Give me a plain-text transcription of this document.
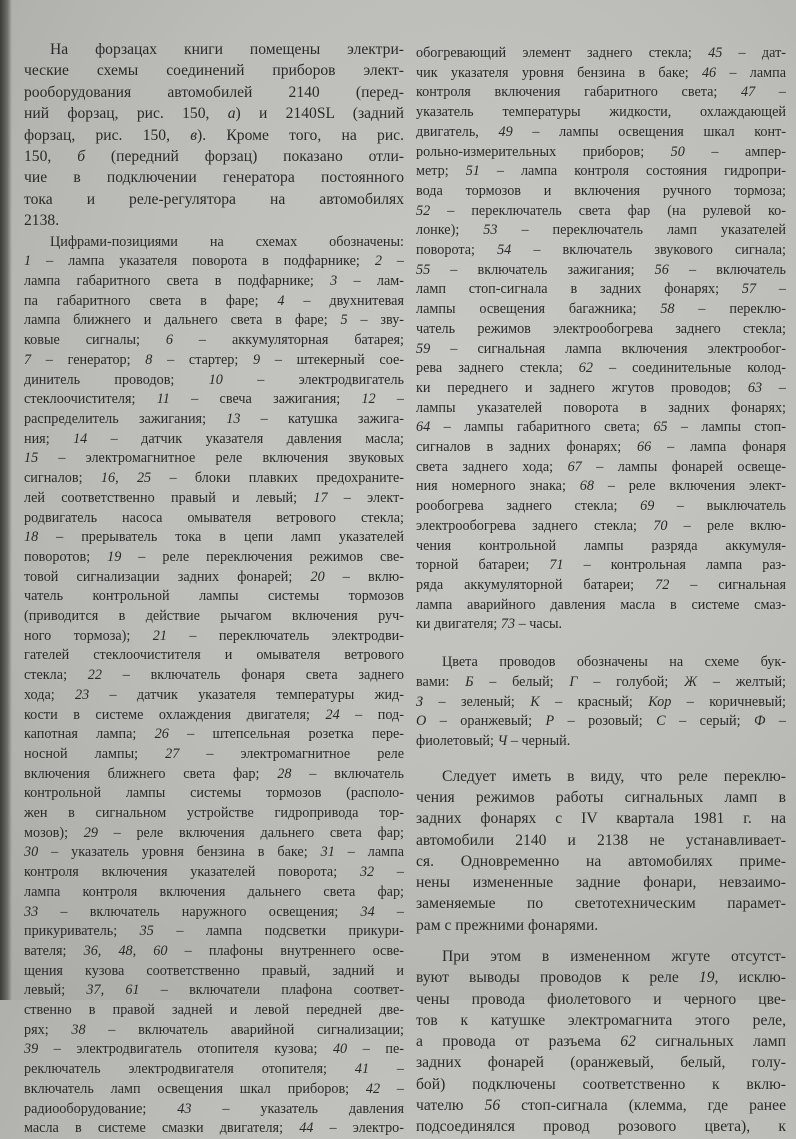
На форзацах книги помещены электри-
ческие схемы соединений приборов элект-
рооборудования автомобилей 2140 (перед-
ний форзац, рис. 150, а) и 2140SL (задний
форзац, рис. 150, в). Кроме того, на рис.
150, б (передний форзац) показано отли-
чие в подключении генератора постоянного
тока и реле-регулятора на автомобилях
2138.
Цифрами-позициями на схемах обозначены:
1 – лампа указателя поворота в подфарнике; 2 –
лампа габаритного света в подфарнике; 3 – лам-
па габаритного света в фаре; 4 – двухнитевая
лампа ближнего и дальнего света в фаре; 5 – зву-
ковые сигналы; 6 – аккумуляторная батарея;
7 – генератор; 8 – стартер; 9 – штекерный сое-
динитель проводов; 10 – электродвигатель
стеклоочистителя; 11 – свеча зажигания; 12 –
распределитель зажигания; 13 – катушка зажига-
ния; 14 – датчик указателя давления масла;
15 – электромагнитное реле включения звуковых
сигналов; 16, 25 – блоки плавких предохраните-
лей соответственно правый и левый; 17 – элект-
родвигатель насоса омывателя ветрового стекла;
18 – прерыватель тока в цепи ламп указателей
поворотов; 19 – реле переключения режимов све-
товой сигнализации задних фонарей; 20 – вклю-
чатель контрольной лампы системы тормозов
(приводится в действие рычагом включения руч-
ного тормоза); 21 – переключатель электродви-
гателей стеклоочистителя и омывателя ветрового
стекла; 22 – включатель фонаря света заднего
хода; 23 – датчик указателя температуры жид-
кости в системе охлаждения двигателя; 24 – под-
капотная лампа; 26 – штепсельная розетка пере-
носной лампы; 27 – электромагнитное реле
включения ближнего света фар; 28 – включатель
контрольной лампы системы тормозов (располо-
жен в сигнальном устройстве гидропривода тор-
мозов); 29 – реле включения дальнего света фар;
30 – указатель уровня бензина в баке; 31 – лампа
контроля включения указателей поворота; 32 –
лампа контроля включения дальнего света фар;
33 – включатель наружного освещения; 34 –
прикуриватель; 35 – лампа подсветки прикури-
вателя; 36, 48, 60 – плафоны внутреннего осве-
щения кузова соответственно правый, задний и
левый; 37, 61 – включатели плафона соответ-
ственно в правой задней и левой передней две-
рях; 38 – включатель аварийной сигнализации;
39 – электродвигатель отопителя кузова; 40 – пе-
реключатель электродвигателя отопителя; 41 –
включатель ламп освещения шкал приборов; 42 –
радиооборудование; 43 – указатель давления
масла в системе смазки двигателя; 44 – электро-
обогревающий элемент заднего стекла; 45 – дат-
чик указателя уровня бензина в баке; 46 – лампа
контроля включения габаритного света; 47 –
указатель температуры жидкости, охлаждающей
двигатель, 49 – лампы освещения шкал конт-
рольно-измерительных приборов; 50 – ампер-
метр; 51 – лампа контроля состояния гидропри-
вода тормозов и включения ручного тормоза;
52 – переключатель света фар (на рулевой ко-
лонке); 53 – переключатель ламп указателей
поворота; 54 – включатель звукового сигнала;
55 – включатель зажигания; 56 – включатель
ламп стоп-сигнала в задних фонарях; 57 –
лампы освещения багажника; 58 – переклю-
чатель режимов электрообогрева заднего стекла;
59 – сигнальная лампа включения электрообог-
рева заднего стекла; 62 – соединительные колод-
ки переднего и заднего жгутов проводов; 63 –
лампы указателей поворота в задних фонарях;
64 – лампы габаритного света; 65 – лампы стоп-
сигналов в задних фонарях; 66 – лампа фонаря
света заднего хода; 67 – лампы фонарей освеще-
ния номерного знака; 68 – реле включения элект-
рообогрева заднего стекла; 69 – выключатель
электрообогрева заднего стекла; 70 – реле вклю-
чения контрольной лампы разряда аккумуля-
торной батареи; 71 – контрольная лампа раз-
ряда аккумуляторной батареи; 72 – сигнальная
лампа аварийного давления масла в системе смаз-
ки двигателя; 73 – часы.
Цвета проводов обозначены на схеме бук-
вами: Б – белый; Г – голубой; Ж – желтый;
З – зеленый; К – красный; Кор – коричневый;
О – оранжевый; Р – розовый; С – серый; Ф –
фиолетовый; Ч – черный.
Следует иметь в виду, что реле переклю-
чения режимов работы сигнальных ламп в
задних фонарях с IV квартала 1981 г. на
автомобили 2140 и 2138 не устанавливает-
ся. Одновременно на автомобилях приме-
нены измененные задние фонари, невзаимо-
заменяемые по светотехническим парамет-
рам с прежними фонарями.
При этом в измененном жгуте отсутст-
вуют выводы проводов к реле 19, исклю-
чены провода фиолетового и черного цве-
тов к катушке электромагнита этого реле,
а провода от разъема 62 сигнальных ламп
задних фонарей (оранжевый, белый, голу-
бой) подключены соответственно к вклю-
чателю 56 стоп-сигнала (клемма, где ранее
подсоединялся провод розового цвета), к
